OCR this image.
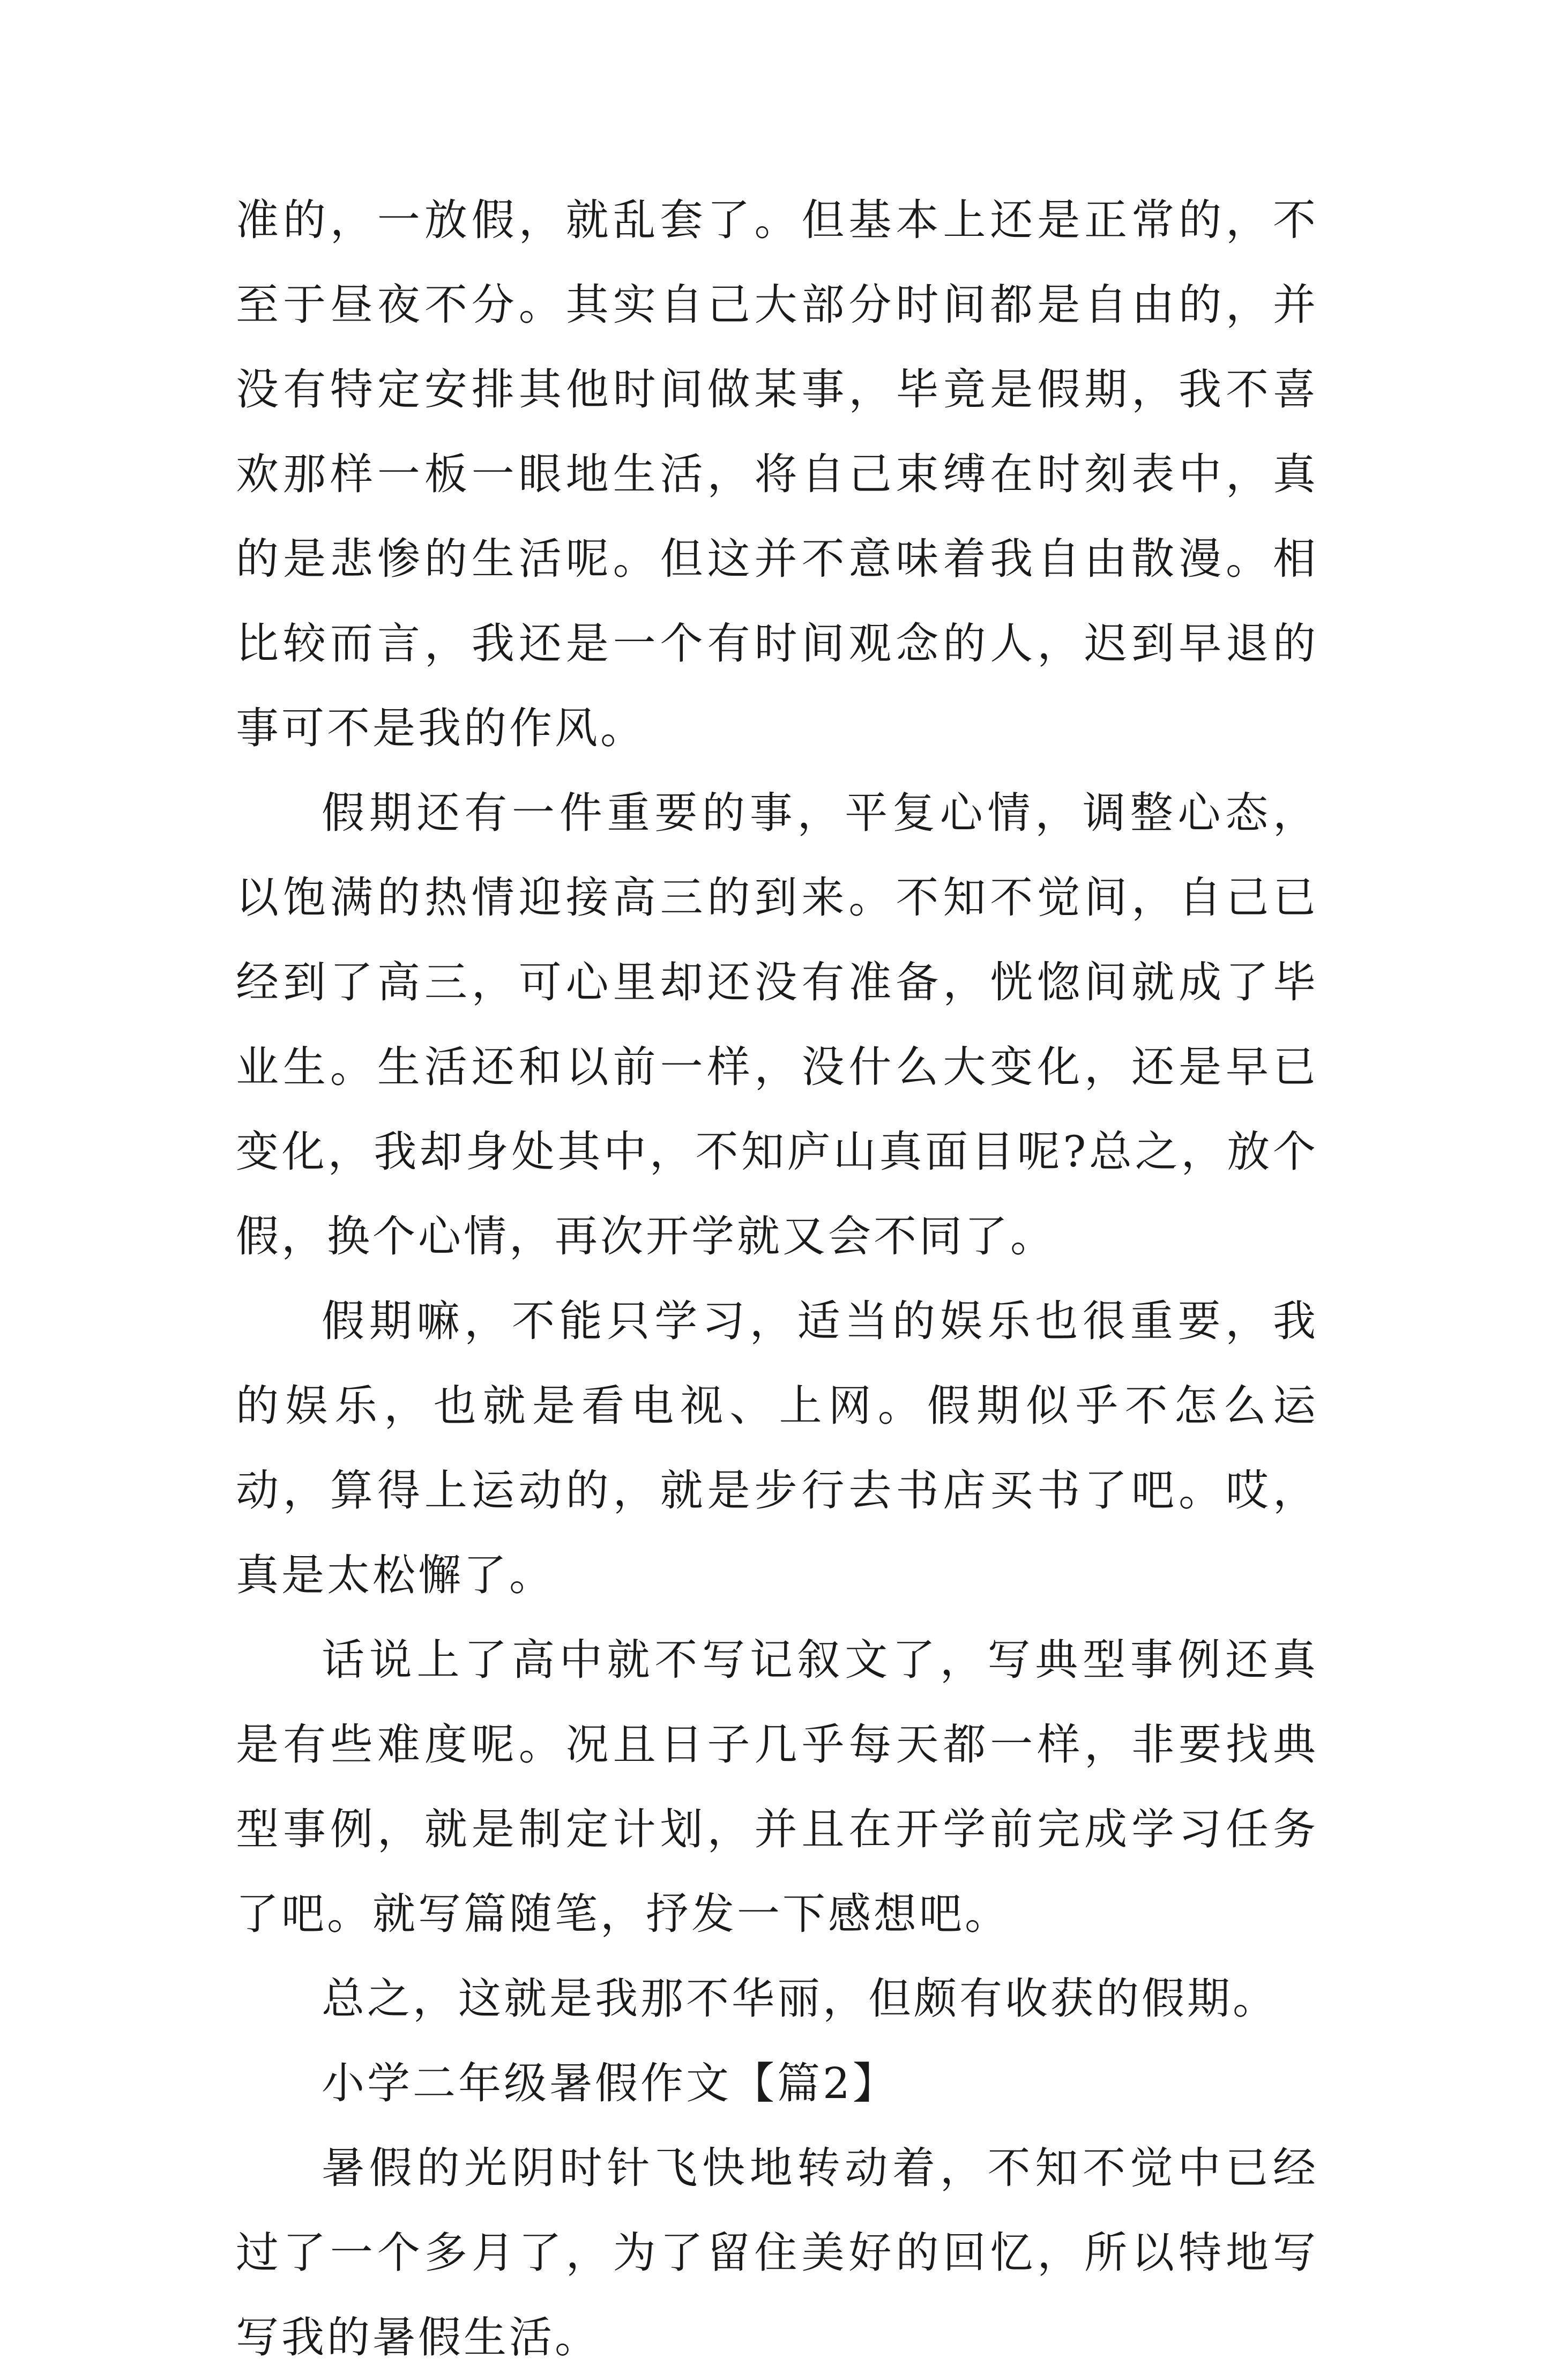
准的，一放假，就乱套了。但基本上还是正常的，不至于昼夜不分。其实自己大部分时间都是自由的，并没有特定安排其他时间做某事，毕竟是假期，我不喜欢那样一板一眼地生活，将自己束缚在时刻表中，真的是悲惨的生活呢。但这并不意味着我自由散漫。相比较而言，我还是一个有时间观念的人，迟到早退的事可不是我的作风。

假期还有一件重要的事，平复心情，调整心态，以饱满的热情迎接高三的到来。不知不觉间，自己已经到了高三，可心里却还没有准备，恍惚间就成了毕业生。生活还和以前一样，没什么大变化，还是早已变化，我却身处其中，不知庐山真面目呢?总之，放个假，换个心情，再次开学就又会不同了。

假期嘛，不能只学习，适当的娱乐也很重要，我的娱乐，也就是看电视、上网。假期似乎不怎么运动，算得上运动的，就是步行去书店买书了吧。哎，真是太松懈了。

话说上了高中就不写记叙文了，写典型事例还真是有些难度呢。况且日子几乎每天都一样，非要找典型事例，就是制定计划，并且在开学前完成学习任务了吧。就写篇随笔，抒发一下感想吧。

总之，这就是我那不华丽，但颇有收获的假期。

小学二年级暑假作文【篇2】

暑假的光阴时针飞快地转动着，不知不觉中已经过了一个多月了，为了留住美好的回忆，所以特地写写我的暑假生活。
